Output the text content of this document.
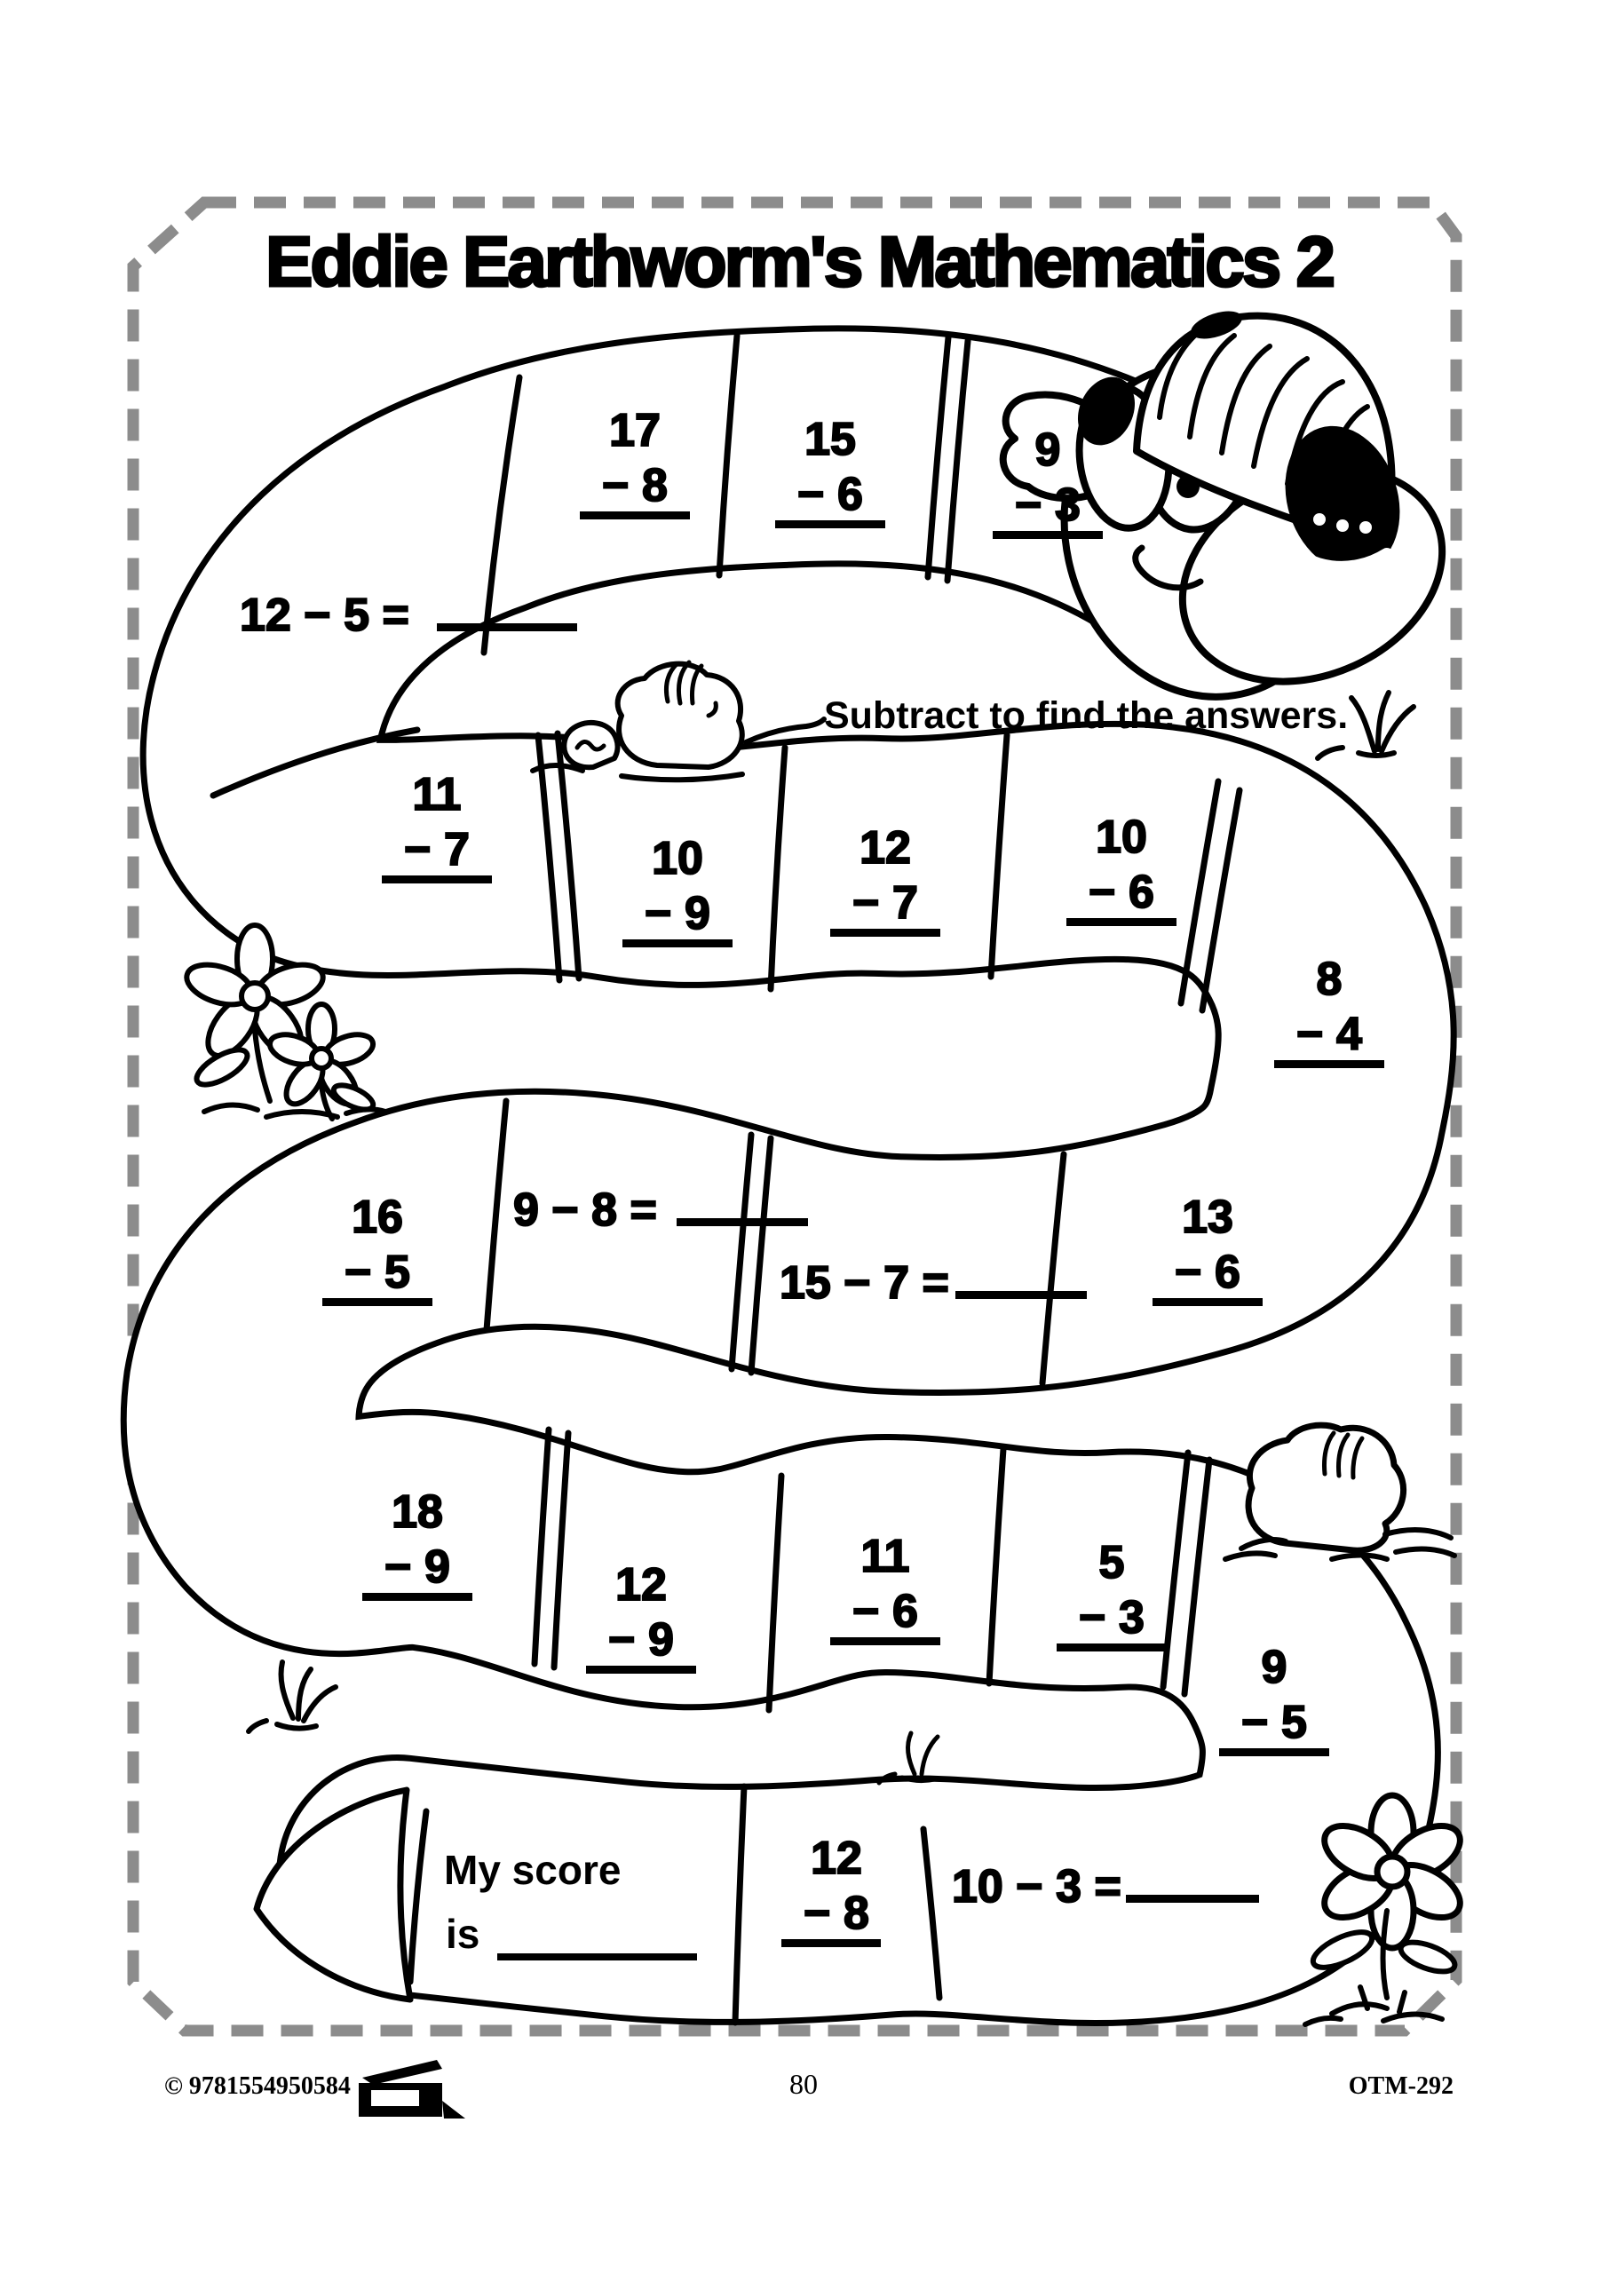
Eddie Earthworm's Mathematics 2
Subtract to find the answers.
17
− 8
15
− 6
9
− 3
12 − 5 =
11
− 7	10
− 9
12
− 7
10
− 6
8
− 4
16
− 5
9 − 8 =
15 − 7 =
13
− 6
18
− 9	12
− 9
11
− 6
5
− 3
9
− 5
My score
is
12
− 8
10 − 3 =
© 9781554950584	80	OTM-292
